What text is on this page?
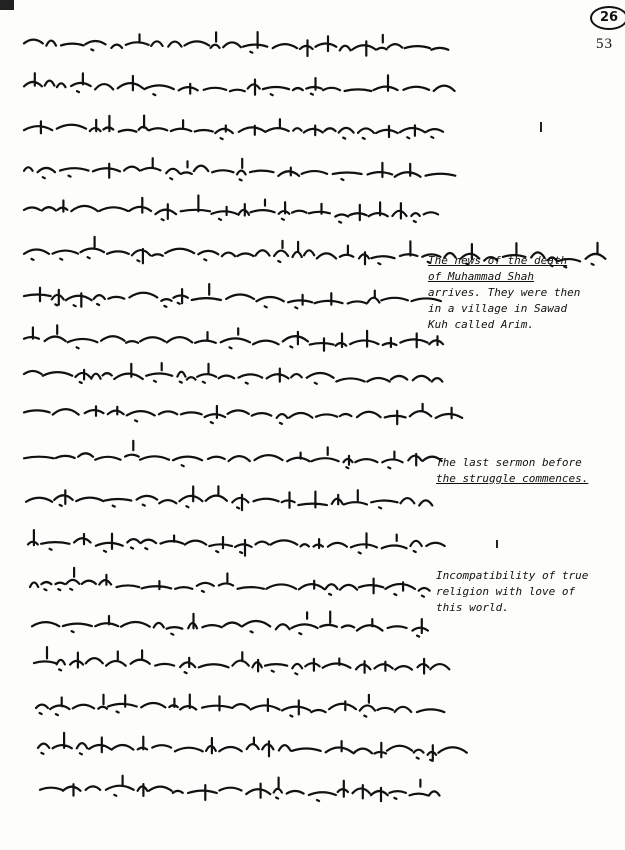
26
53
The news of the death
of Muhammad Shah
arrives. They were then
in a village in Sawad
Kuh called Arim.
The last sermon before
the struggle commences.
Incompatibility of true
religion with love of
this world.
